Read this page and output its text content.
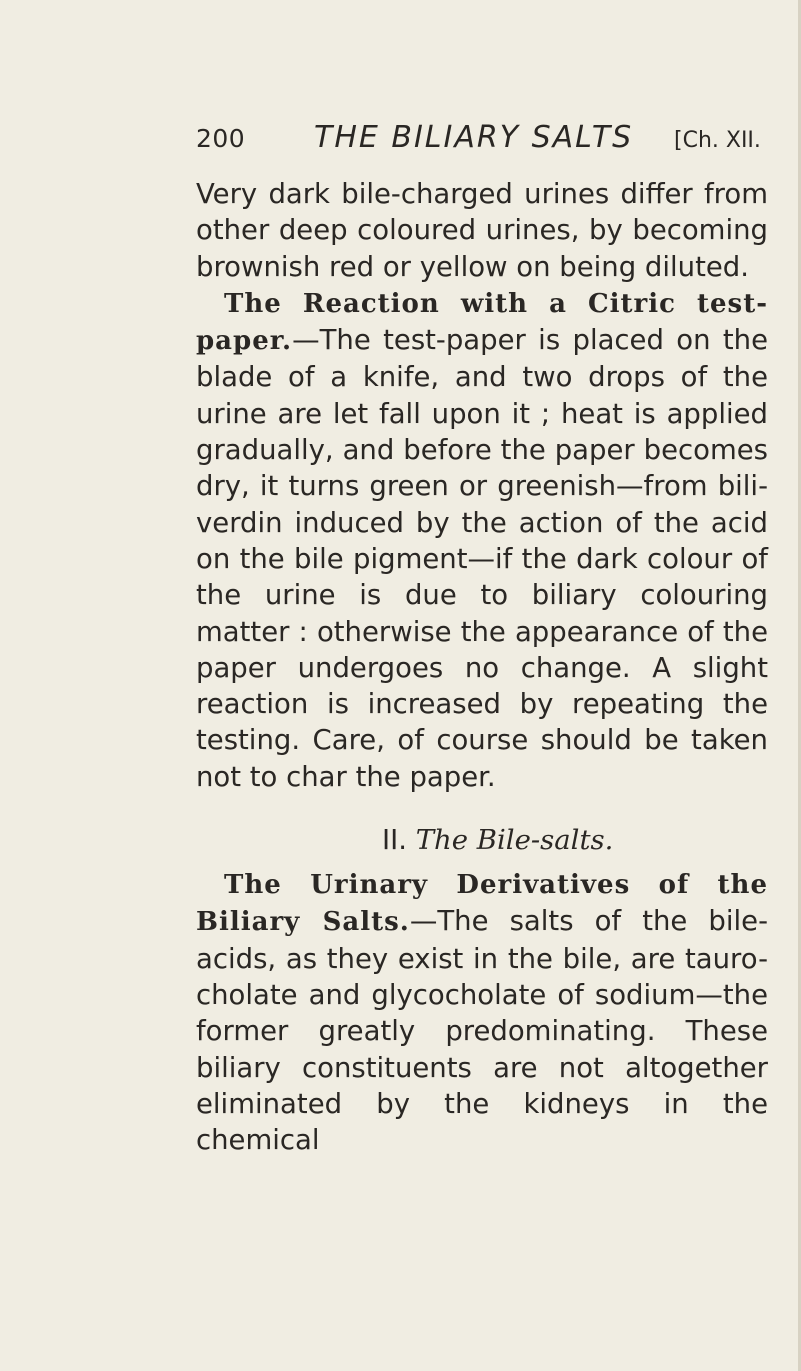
200 THE BILIARY SALTS [Ch. XII.

Very dark bile-charged urines differ from other deep coloured urines, by becoming brownish red or yellow on being diluted.

The Reaction with a Citric test-paper.—The test-paper is placed on the blade of a knife, and two drops of the urine are let fall upon it ; heat is applied gradually, and before the paper becomes dry, it turns green or greenish—from bili- verdin induced by the action of the acid on the bile pigment—if the dark colour of the urine is due to biliary colouring matter : otherwise the appearance of the paper undergoes no change. A slight reaction is increased by repeating the testing. Care, of course should be taken not to char the paper.

II. The Bile-salts.

The Urinary Derivatives of the Biliary Salts.—The salts of the bile- acids, as they exist in the bile, are tauro- cholate and glycocholate of sodium—the former greatly predominating. These biliary constituents are not altogether eliminated by the kidneys in the chemical
